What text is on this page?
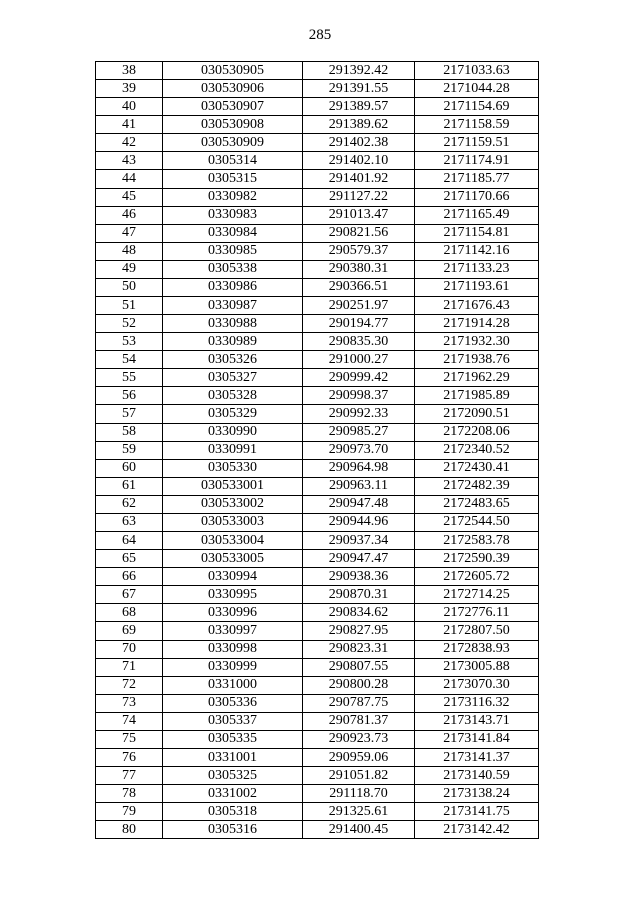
285
38	030530905	291392.42	2171033.63
39	030530906	291391.55	2171044.28
40	030530907	291389.57	2171154.69
41	030530908	291389.62	2171158.59
42	030530909	291402.38	2171159.51
43	0305314	291402.10	2171174.91
44	0305315	291401.92	2171185.77
45	0330982	291127.22	2171170.66
46	0330983	291013.47	2171165.49
47	0330984	290821.56	2171154.81
48	0330985	290579.37	2171142.16
49	0305338	290380.31	2171133.23
50	0330986	290366.51	2171193.61
51	0330987	290251.97	2171676.43
52	0330988	290194.77	2171914.28
53	0330989	290835.30	2171932.30
54	0305326	291000.27	2171938.76
55	0305327	290999.42	2171962.29
56	0305328	290998.37	2171985.89
57	0305329	290992.33	2172090.51
58	0330990	290985.27	2172208.06
59	0330991	290973.70	2172340.52
60	0305330	290964.98	2172430.41
61	030533001	290963.11	2172482.39
62	030533002	290947.48	2172483.65
63	030533003	290944.96	2172544.50
64	030533004	290937.34	2172583.78
65	030533005	290947.47	2172590.39
66	0330994	290938.36	2172605.72
67	0330995	290870.31	2172714.25
68	0330996	290834.62	2172776.11
69	0330997	290827.95	2172807.50
70	0330998	290823.31	2172838.93
71	0330999	290807.55	2173005.88
72	0331000	290800.28	2173070.30
73	0305336	290787.75	2173116.32
74	0305337	290781.37	2173143.71
75	0305335	290923.73	2173141.84
76	0331001	290959.06	2173141.37
77	0305325	291051.82	2173140.59
78	0331002	291118.70	2173138.24
79	0305318	291325.61	2173141.75
80	0305316	291400.45	2173142.42
